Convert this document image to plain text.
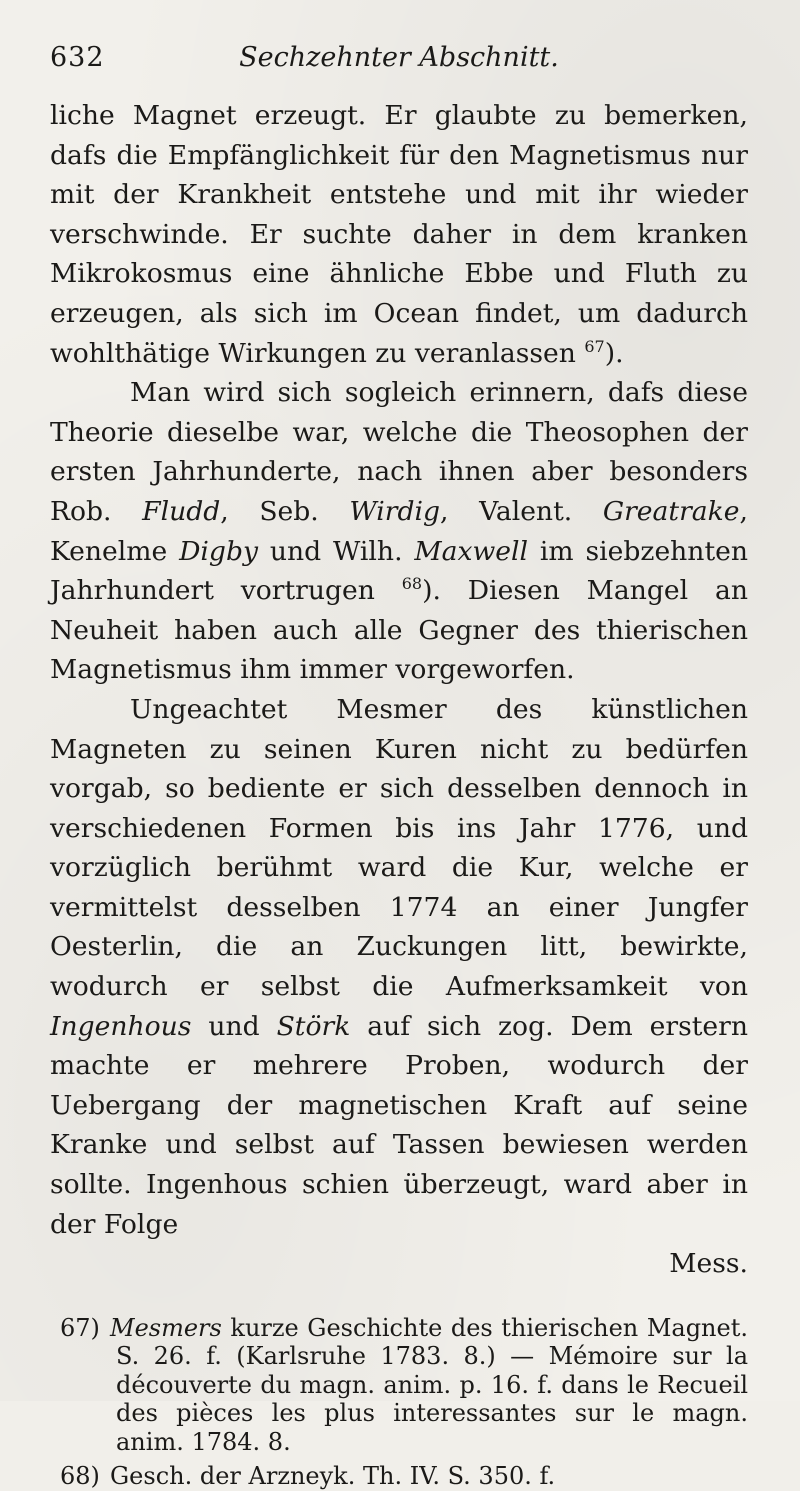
632	Sechzehnter Abschnitt.

liche Magnet erzeugt. Er glaubte zu bemerken, dafs die Empfänglichkeit für den Magnetismus nur mit der Krankheit entstehe und mit ihr wieder verschwinde. Er suchte daher in dem kranken Mikrokosmus eine ähnliche Ebbe und Fluth zu erzeugen, als sich im Ocean findet, um dadurch wohlthätige Wirkungen zu veranlassen $^{67}$).

Man wird sich sogleich erinnern, dafs diese Theorie dieselbe war, welche die Theosophen der ersten Jahrhunderte, nach ihnen aber besonders Rob. Fludd, Seb. Wirdig, Valent. Greatrake, Kenelme Digby und Wilh. Maxwell im siebzehnten Jahrhundert vortrugen $^{68}$). Diesen Mangel an Neuheit haben auch alle Gegner des thierischen Magnetismus ihm immer vorgeworfen.

Ungeachtet Mesmer des künstlichen Magneten zu seinen Kuren nicht zu bedürfen vorgab, so bediente er sich desselben dennoch in verschiedenen Formen bis ins Jahr 1776, und vorzüglich berühmt ward die Kur, welche er vermittelst desselben 1774 an einer Jungfer Oesterlin, die an Zuckungen litt, bewirkte, wodurch er selbst die Aufmerksamkeit von Ingenhous und Störk auf sich zog. Dem erstern machte er mehrere Proben, wodurch der Uebergang der magnetischen Kraft auf seine Kranke und selbst auf Tassen bewiesen werden sollte. Ingenhous schien überzeugt, ward aber in der Folge

Mess.

67) Mesmers kurze Geschichte des thierischen Magnet. S. 26. f. (Karlsruhe 1783. 8.) — Mémoire sur la découverte du magn. anim. p. 16. f. dans le Recueil des pièces les plus interessantes sur le magn. anim. 1784. 8.

68) Gesch. der Arzneyk. Th. IV. S. 350. f.
